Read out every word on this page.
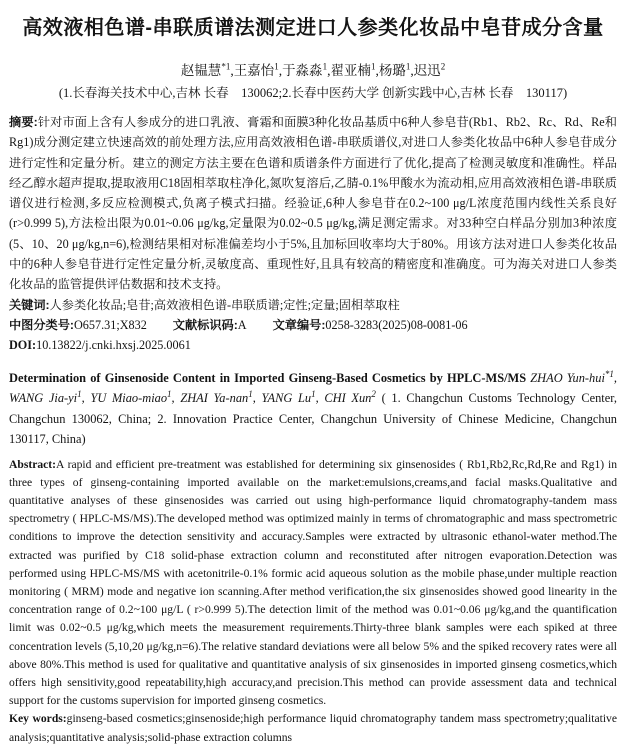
高效液相色谱-串联质谱法测定进口人参类化妆品中皂苷成分含量
赵韫慧$^{*1}$,王嘉怡$^1$,于淼淼$^1$,翟亚楠$^1$,杨璐$^1$,迟迅$^2$
(1.长春海关技术中心,吉林 长春　130062;2.长春中医药大学 创新实践中心,吉林 长春　130117)

摘要:针对市面上含有人参成分的进口乳液、膏霜和面膜3种化妆品基质中6种人参皂苷(Rb1、Rb2、Rc、Rd、Re和Rg1)成分测定建立快速高效的前处理方法,应用高效液相色谱-串联质谱仪,对进口人参类化妆品中6种人参皂苷成分进行定性和定量分析。建立的测定方法主要在色谱和质谱条件方面进行了优化,提高了检测灵敏度和准确性。样品经乙醇水超声提取,提取液用C18固相萃取柱净化,氮吹复溶后,乙腈-0.1%甲酸水为流动相,应用高效液相色谱-串联质谱仪进行检测,多反应检测模式,负离子模式扫描。经验证,6种人参皂苷在0.2~100 μg/L浓度范围内线性关系良好(r>0.999 5),方法检出限为0.01~0.06 μg/kg,定量限为0.02~0.5 μg/kg,满足测定需求。对33种空白样品分别加3种浓度(5、10、20 μg/kg,n=6),检测结果相对标准偏差均小于5%,且加标回收率均大于80%。用该方法对进口人参类化妆品中的6种人参皂苷进行定性定量分析,灵敏度高、重现性好,且具有较高的精密度和准确度。可为海关对进口人参类化妆品的监管提供评估数据和技术支持。

关键词:人参类化妆品;皂苷;高效液相色谱-串联质谱;定性;定量;固相萃取柱

中图分类号:O657.31;X832 文献标识码:A 文章编号:0258-3283(2025)08-0081-06

DOI:10.13822/j.cnki.hxsj.2025.0061

Determination of Ginsenoside Content in Imported Ginseng-Based Cosmetics by HPLC-MS/MS ZHAO Yun-hui$^{*1}$, WANG Jia-$yi^1$, YU Miao-miao$^1$, ZHAI Ya-nan$^1$, YANG Lu$^1$, CHI Xun$^2$ ( 1. Changchun Customs Technology Center, Changchun 130062, China; 2. Innovation Practice Center, Changchun University of Chinese Medicine, Changchun 130117, China)

Abstract:A rapid and efficient pre-treatment was established for determining six ginsenosides ( Rb1,Rb2,Rc,Rd,Re and Rg1) in three types of ginseng-containing imported available on the market:emulsions,creams,and facial masks.Qualitative and quantitative analyses of these ginsenosides was carried out using high-performance liquid chromatography-tandem mass spectrometry ( HPLC-MS/MS).The developed method was optimized mainly in terms of chromatographic and mass spectrometric conditions to improve the detection sensitivity and accuracy.Samples were extracted by ultrasonic ethanol-water method.The extracted was purified by C18 solid-phase extraction column and reconstituted after nitrogen evaporation.Detection was performed using HPLC-MS/MS with acetonitrile-0.1% formic acid aqueous solution as the mobile phase,under multiple reaction monitoring ( MRM) mode and negative ion scanning.After method verification,the six ginsenosides showed good linearity in the concentration range of 0.2~100 μg/L ( r>0.999 5).The detection limit of the method was 0.01~0.06 μg/kg,and the quantification limit was 0.02~0.5 μg/kg,which meets the measurement requirements.Thirty-three blank samples were each spiked at three concentration levels (5,10,20 μg/kg,n=6).The relative standard deviations were all below 5% and the spiked recovery rates were all above 80%.This method is used for qualitative and quantitative analysis of six ginsenosides in imported ginseng cosmetics,which offers high sensitivity,good repeatability,high accuracy,and precision.This method can provide assessment data and technical support for the customs supervision for imported ginseng cosmetics.

Key words:ginseng-based cosmetics;ginsenoside;high performance liquid chromatography tandem mass spectrometry;qualitative analysis;quantitative analysis;solid-phase extraction columns
